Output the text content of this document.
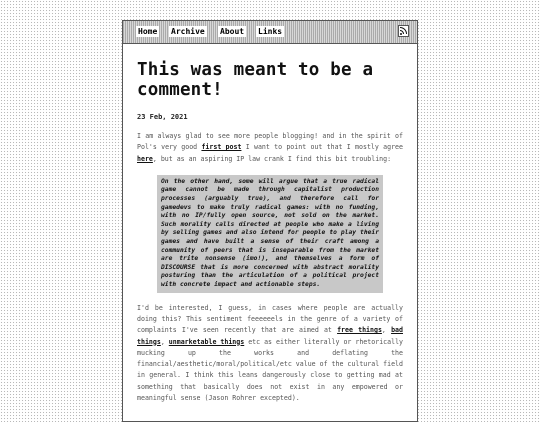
Home Archive About Links
This was meant to be a comment!
23 Feb, 2021

I am always glad to see more people blogging! and in the spirit of Pol's very good first post I want to point out that I mostly agree here, but as an aspiring IP law crank I find this bit troubling:

On the other hand, some will argue that a true radical game cannot be made through capitalist production processes (arguably true), and therefore call for gamedevs to make truly radical games: with no funding, with no IP/fully open source, not sold on the market. Such morality calls directed at people who make a living by selling games and also intend for people to play their games and have built a sense of their craft among a community of peers that is inseparable from the market are trite nonsense (imo!), and themselves a form of DISCOURSE that is more concerned with abstract morality posturing than the articulation of a political project with concrete impact and actionable steps.

I'd be interested, I guess, in cases where people are actually doing this? This sentiment feeeeeels in the genre of a variety of complaints I've seen recently that are aimed at free things, bad things, unmarketable things etc as either literally or rhetorically mucking up the works and deflating the financial/aesthetic/moral/political/etc value of the cultural field in general. I think this leans dangerously close to getting mad at something that basically does not exist in any empowered or meaningful sense (Jason Rohrer excepted).
